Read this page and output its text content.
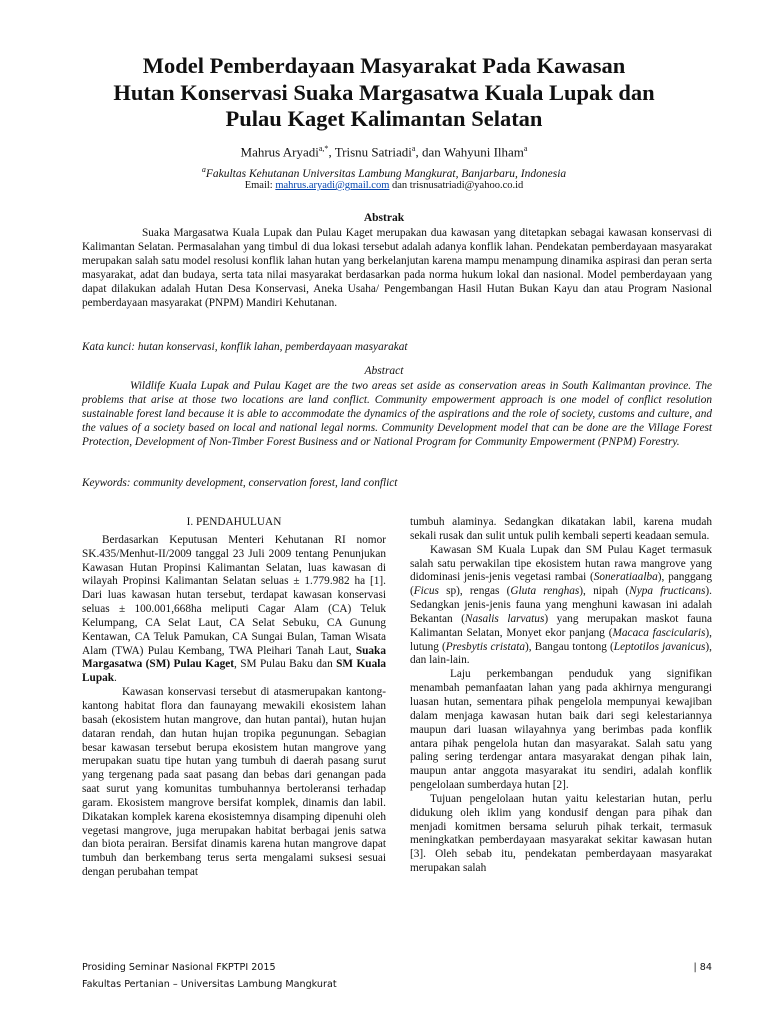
Model Pemberdayaan Masyarakat Pada Kawasan
Hutan Konservasi Suaka Margasatwa Kuala Lupak dan
Pulau Kaget Kalimantan Selatan
Mahrus Aryadi$^{a,*}$, Trisnu Satriadi$^a$, dan Wahyuni Ilham$^a$
$^a$Fakultas Kehutanan Universitas Lambung Mangkurat, Banjarbaru, Indonesia
Email: mahrus.aryadi@gmail.com dan trisnusatriadi@yahoo.co.id
Abstrak

Suaka Margasatwa Kuala Lupak dan Pulau Kaget merupakan dua kawasan yang ditetapkan sebagai kawasan konservasi di Kalimantan Selatan. Permasalahan yang timbul di dua lokasi tersebut adalah adanya konflik lahan. Pendekatan pemberdayaan masyarakat merupakan salah satu model resolusi konflik lahan hutan yang berkelanjutan karena mampu menampung dinamika aspirasi dan peran serta masyarakat, adat dan budaya, serta tata nilai masyarakat berdasarkan pada norma hukum lokal dan nasional. Model pemberdayaan yang dapat dilakukan adalah Hutan Desa Konservasi, Aneka Usaha/ Pengembangan Hasil Hutan Bukan Kayu dan atau Program Nasional pemberdayaan masyarakat (PNPM) Mandiri Kehutanan.

Kata kunci: hutan konservasi, konflik lahan, pemberdayaan masyarakat
Abstract

Wildlife Kuala Lupak and Pulau Kaget are the two areas set aside as conservation areas in South Kalimantan province. The problems that arise at those two locations are land conflict. Community empowerment approach is one model of conflict resolution sustainable forest land because it is able to accommodate the dynamics of the aspirations and the role of society, customs and culture, and the values of a society based on local and national legal norms. Community Development model that can be done are the Village Forest Protection, Development of Non-Timber Forest Business and or National Program for Community Empowerment (PNPM) Forestry.

Keywords: community development, conservation forest, land conflict
I. PENDAHULUAN

Berdasarkan Keputusan Menteri Kehutanan RI nomor SK.435/Menhut-II/2009 tanggal 23 Juli 2009 tentang Penunjukan Kawasan Hutan Propinsi Kalimantan Selatan, luas kawasan di wilayah Propinsi Kalimantan Selatan seluas ± 1.779.982 ha [1]. Dari luas kawasan hutan tersebut, terdapat kawasan konservasi seluas ± 100.001,668ha meliputi Cagar Alam (CA) Teluk Kelumpang, CA Selat Laut, CA Selat Sebuku, CA Gunung Kentawan, CA Teluk Pamukan, CA Sungai Bulan, Taman Wisata Alam (TWA) Pulau Kembang, TWA Pleihari Tanah Laut, Suaka Margasatwa (SM) Pulau Kaget, SM Pulau Baku dan SM Kuala Lupak.

Kawasan konservasi tersebut di atasmerupakan kantong-kantong habitat flora dan faunayang mewakili ekosistem lahan basah (ekosistem hutan mangrove, dan hutan pantai), hutan hujan dataran rendah, dan hutan hujan tropika pegunungan. Sebagian besar kawasan tersebut berupa ekosistem hutan mangrove yang merupakan suatu tipe hutan yang tumbuh di daerah pasang surut yang tergenang pada saat pasang dan bebas dari genangan pada saat surut yang komunitas tumbuhannya bertoleransi terhadap garam. Ekosistem mangrove bersifat komplek, dinamis dan labil. Dikatakan komplek karena ekosistemnya disamping dipenuhi oleh vegetasi mangrove, juga merupakan habitat berbagai jenis satwa dan biota perairan. Bersifat dinamis karena hutan mangrove dapat tumbuh dan berkembang terus serta mengalami suksesi sesuai dengan perubahan tempat

tumbuh alaminya. Sedangkan dikatakan labil, karena mudah sekali rusak dan sulit untuk pulih kembali seperti keadaan semula.

Kawasan SM Kuala Lupak dan SM Pulau Kaget termasuk salah satu perwakilan tipe ekosistem hutan rawa mangrove yang didominasi jenis-jenis vegetasi rambai (Soneratiaalba), panggang (Ficus sp), rengas (Gluta renghas), nipah (Nypa fructicans). Sedangkan jenis-jenis fauna yang menghuni kawasan ini adalah Bekantan (Nasalis larvatus) yang merupakan maskot fauna Kalimantan Selatan, Monyet ekor panjang (Macaca fascicularis), lutung (Presbytis cristata), Bangau tontong (Leptotilos javanicus), dan lain-lain.

Laju perkembangan penduduk yang signifikan menambah pemanfaatan lahan yang pada akhirnya mengurangi luasan hutan, sementara pihak pengelola mempunyai kewajiban dalam menjaga kawasan hutan baik dari segi kelestariannya maupun dari luasan wilayahnya yang berimbas pada konflik antara pihak pengelola hutan dan masyarakat. Salah satu yang paling sering terdengar antara masyarakat dengan pihak lain, maupun antar anggota masyarakat itu sendiri, adalah konflik pengelolaan sumberdaya hutan [2].

Tujuan pengelolaan hutan yaitu kelestarian hutan, perlu didukung oleh iklim yang kondusif dengan para pihak dan menjadi komitmen bersama seluruh pihak terkait, termasuk meningkatkan pemberdayaan masyarakat sekitar kawasan hutan [3]. Oleh sebab itu, pendekatan pemberdayaan masyarakat merupakan salah

Prosiding Seminar Nasional FKPTPI 2015
Fakultas Pertanian – Universitas Lambung Mangkurat
| 84
